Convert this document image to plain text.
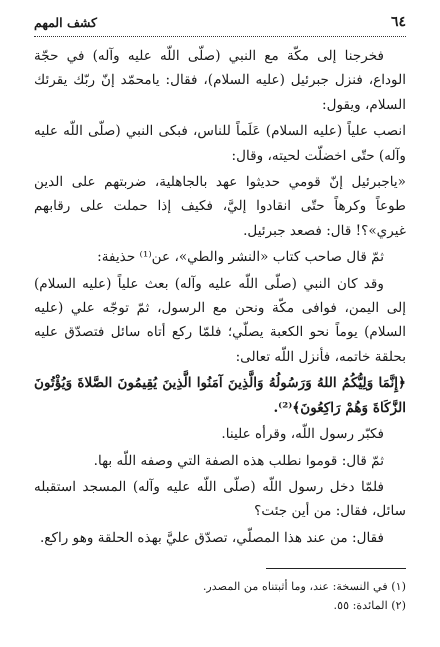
٦٤
كشف المهم

فخرجنا إلى مكّة مع النبي (صلّى اللّه عليه وآله) في حجّة الوداع، فنزل جبرئيل (عليه السلام)، فقال: يامحمّد إنّ ربّك يقرئك السلام، ويقول:

انصب علياً (عليه السلام) عَلَماً للناس، فبكى النبي (صلّى اللّه عليه وآله) حتّى اخضلّت لحيته، وقال:

«ياجبرئيل إنّ قومي حديثوا عهد بالجاهلية، ضربتهم على الدين طوعاً وكرهاً حتّى انقادوا إليَّ، فكيف إذا حملت على رقابهم غيري»؟! قال: فصعد جبرئيل.

ثمّ قال صاحب كتاب «النشر والطي»، عن⁽¹⁾ حذيفة:

وقد كان النبي (صلّى اللّه عليه وآله) بعث علياً (عليه السلام) إلى اليمن، فوافى مكّة ونحن مع الرسول، ثمّ توجّه علي (عليه السلام) يوماً نحو الكعبة يصلّي؛ فلمّا ركع أتاه سائل فتصدّق عليه بحلقة خاتمه، فأنزل اللّه تعالى:

﴿إِنَّمَا وَلِيُّكُمُ اللهُ وَرَسُولُهُ وَالَّذِينَ آمَنُوا الَّذِينَ يُقِيمُونَ الصَّلاةَ وَيُؤْتُونَ الزَّكَاةَ وَهُمْ رَاكِعُونَ﴾⁽²⁾.

فكبّر رسول اللّه، وقرأه علينا.

ثمّ قال: قوموا نطلب هذه الصفة التي وصفه اللّه بها.

فلمّا دخل رسول اللّه (صلّى اللّه عليه وآله) المسجد استقبله سائل، فقال: من أين جئت؟

فقال: من عند هذا المصلّي، تصدّق عليَّ بهذه الحلقة وهو راكع.

(١) في النسخة: عند، وما أثبتناه من المصدر.

(٢) المائدة: ٥٥.
